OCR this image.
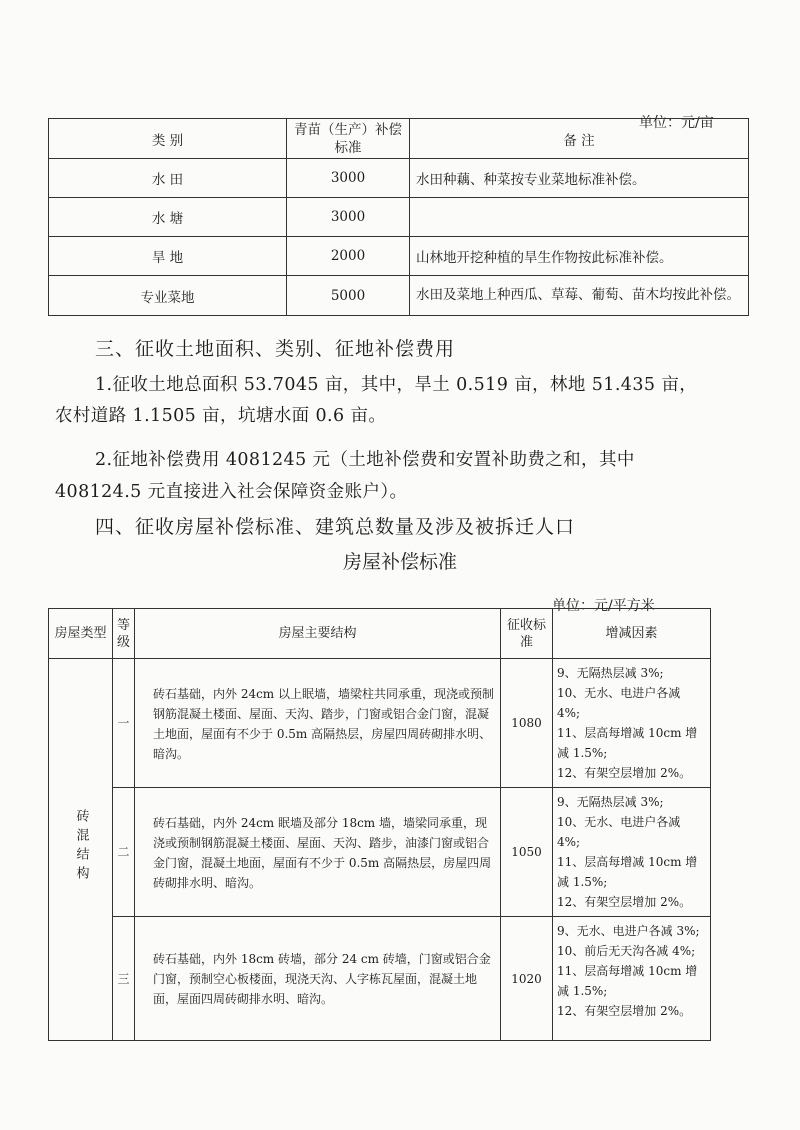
单位：元/亩
类 别	青苗（生产）补偿标准	备 注
水 田	3000	水田种藕、种菜按专业菜地标准补偿。
水 塘	3000	
旱 地	2000	山林地开挖种植的旱生作物按此标准补偿。
专业菜地	5000	水田及菜地上种西瓜、草莓、葡萄、苗木均按此补偿。
三、征收土地面积、类别、征地补偿费用
1.征收土地总面积 53.7045 亩，其中，旱土 0.519 亩，林地 51.435 亩，
农村道路 1.1505 亩，坑塘水面 0.6 亩。
2.征地补偿费用 4081245 元（土地补偿费和安置补助费之和，其中
408124.5 元直接进入社会保障资金账户）。
四、征收房屋补偿标准、建筑总数量及涉及被拆迁人口
房屋补偿标准
单位：元/平方米
房屋类型	等级	房屋主要结构	征收标准	增减因素
砖混结构	一	砖石基础，内外 24cm 以上眠墙，墙梁柱共同承重，现浇或预制钢筋混凝土楼面、屋面、天沟、踏步，门窗或铝合金门窗，混凝土地面，屋面有不少于 0.5m 高隔热层，房屋四周砖砌排水明、暗沟。	1080	9、无隔热层减 3%;
10、无水、电进户各减 4%;
11、层高每增减 10cm 增减 1.5%;
12、有架空层增加 2%。

	二	砖石基础，内外 24cm 眠墙及部分 18cm 墙，墙梁同承重，现浇或预制钢筋混凝土楼面、屋面、天沟、踏步，油漆门窗或铝合金门窗，混凝土地面，屋面有不少于 0.5m 高隔热层，房屋四周砖砌排水明、暗沟。	1050	9、无隔热层减 3%;
10、无水、电进户各减 4%;
11、层高每增减 10cm 增减 1.5%;
12、有架空层增加 2%。

	三	砖石基础，内外 18cm 砖墙，部分 24 cm 砖墙，门窗或铝合金门窗，预制空心板楼面，现浇天沟、人字栋瓦屋面，混凝土地面，屋面四周砖砌排水明、暗沟。	1020	9、无水、电进户各减 3%;
10、前后无天沟各减 4%;
11、层高每增减 10cm 增减 1.5%;
12、有架空层增加 2%。
